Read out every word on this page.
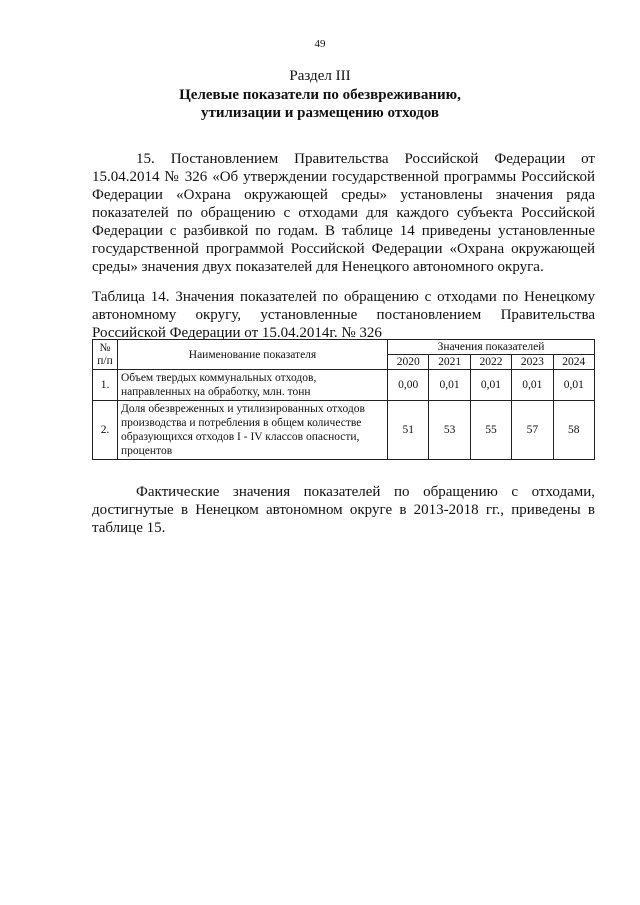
49
Раздел III
Целевые показатели по обезвреживанию,
утилизации и размещению отходов

15. Постановлением Правительства Российской Федерации от 15.04.2014 № 326 «Об утверждении государственной программы Российской Федерации «Охрана окружающей среды» установлены значения ряда показателей по обращению с отходами для каждого субъекта Российской Федерации с разбивкой по годам. В таблице 14 приведены установленные государственной программой Российской Федерации «Охрана окружающей среды» значения двух показателей для Ненецкого автономного округа.

Таблица 14. Значения показателей по обращению с отходами по Ненецкому автономному округу, установленные постановлением Правительства Российской Федерации от 15.04.2014г. № 326

№
п/п	Наименование показателя	Значения показателей				
		2020	2021	2022	2023	2024
1.	Объем твердых коммунальных отходов, направленных на обработку, млн. тонн	0,00	0,01	0,01	0,01	0,01
2.	Доля обезвреженных и утилизированных отходов производства и потребления в общем количестве образующихся отходов I - IV классов опасности, процентов	51	53	55	57	58

Фактические значения показателей по обращению с отходами, достигнутые в Ненецком автономном округе в 2013-2018 гг., приведены в таблице 15.
